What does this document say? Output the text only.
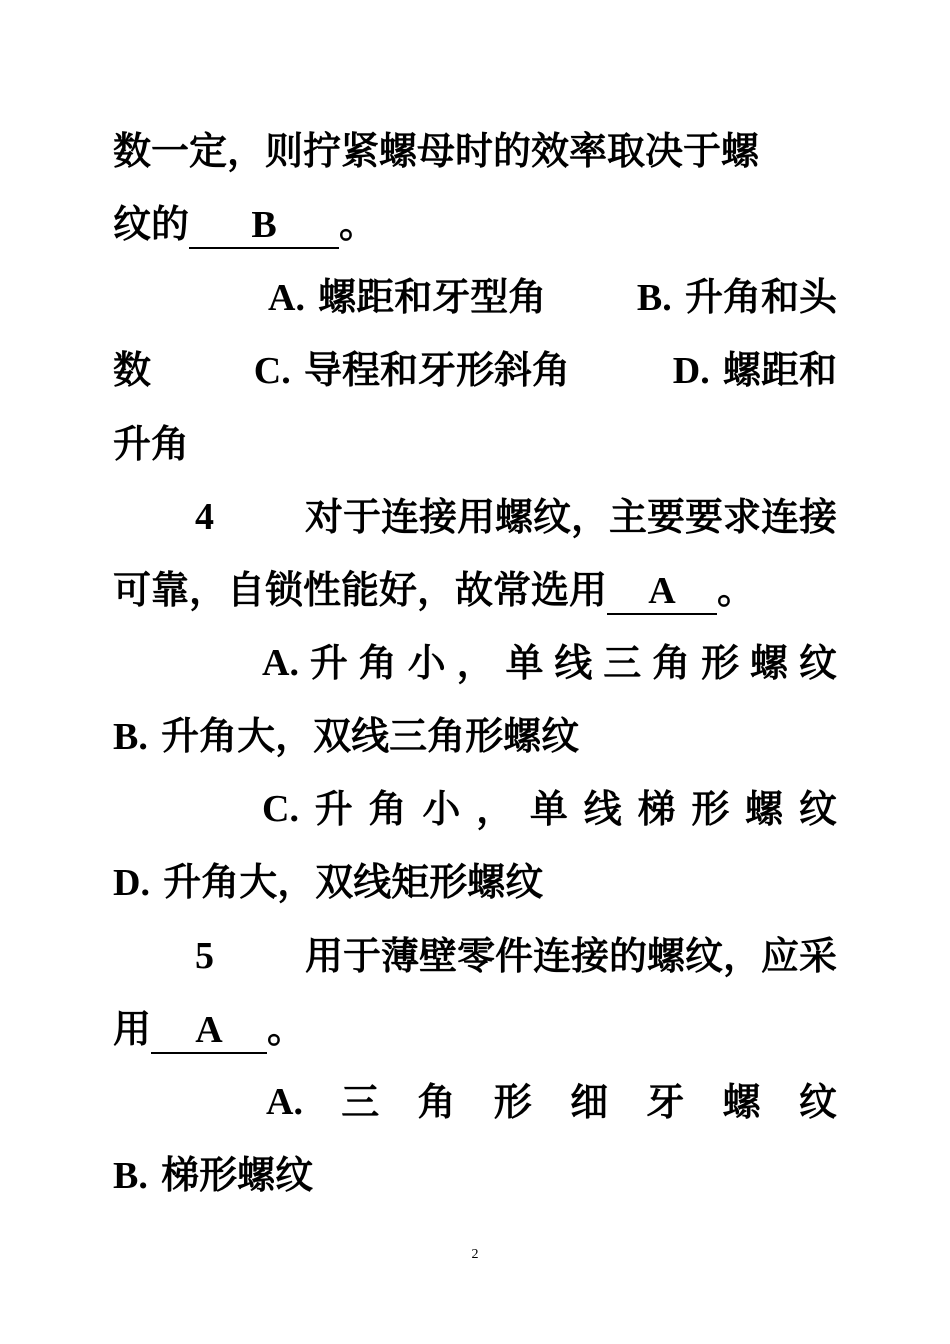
数一定，则拧紧螺母时的效率取决于螺
纹的 B 。
A. 螺距和牙型角 B. 升角和头
数	C. 导程和牙形斜角	D. 螺距和
升角
4 对于连接用螺纹，主要要求连接
可靠，自锁性能好，故常选用 A 。
A. 升 角 小 ， 单 线 三 角 形 螺 纹
B. 升角大，双线三角形螺纹
C. 升 角 小 ， 单 线 梯 形 螺 纹
D. 升角大，双线矩形螺纹
5 用于薄壁零件连接的螺纹，应采
用 A 。
A. 三 角 形 细 牙 螺 纹
B. 梯形螺纹
2
